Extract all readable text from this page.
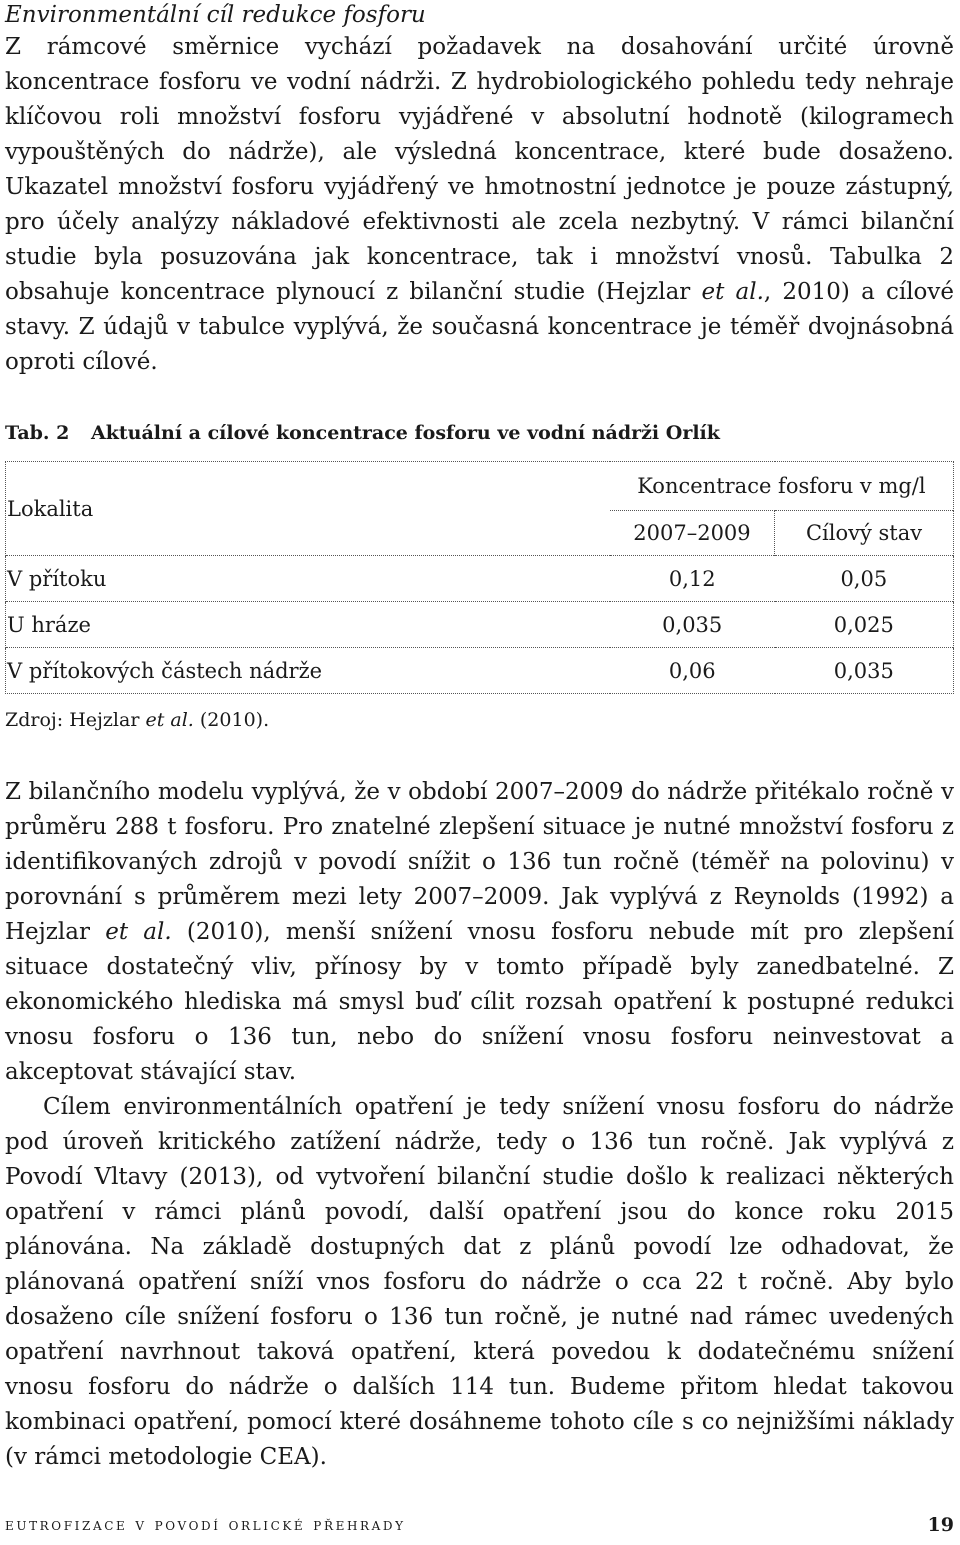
Environmentální cíl redukce fosforu

Z rámcové směrnice vychází požadavek na dosahování určité úrovně koncentrace fosforu ve vodní nádrži. Z hydrobiologického pohledu tedy nehraje klíčovou roli množství fosforu vyjádřené v absolutní hodnotě (kilogramech vypouštěných do nádrže), ale výsledná koncentrace, které bude dosaženo. Ukazatel množství fosforu vyjádřený ve hmotnostní jednotce je pouze zástupný, pro účely analýzy nákladové efektivnosti ale zcela nezbytný. V rámci bilanční studie byla posuzována jak koncentrace, tak i množství vnosů. Tabulka 2 obsahuje koncentrace plynoucí z bilanční studie (Hejzlar et al., 2010) a cílové stavy. Z údajů v tabulce vyplývá, že současná koncentrace je téměř dvojnásobná oproti cílové.

Tab. 2 Aktuální a cílové koncentrace fosforu ve vodní nádrži Orlík
Lokalita	Koncentrace fosforu v mg/l	
	2007–2009	Cílový stav
V přítoku	0,12	0,05
U hráze	0,035	0,025
V přítokových částech nádrže	0,06	0,035
Zdroj: Hejzlar et al. (2010).

Z bilančního modelu vyplývá, že v období 2007–2009 do nádrže přitékalo ročně v průměru 288 t fosforu. Pro znatelné zlepšení situace je nutné množství fosforu z identifikovaných zdrojů v povodí snížit o 136 tun ročně (téměř na polovinu) v porovnání s průměrem mezi lety 2007–2009. Jak vyplývá z Reynolds (1992) a Hejzlar et al. (2010), menší snížení vnosu fosforu nebude mít pro zlepšení situace dostatečný vliv, přínosy by v tomto případě byly zanedbatelné. Z ekonomického hlediska má smysl buď cílit rozsah opatření k postupné redukci vnosu fosforu o 136 tun, nebo do snížení vnosu fosforu neinvestovat a akceptovat stávající stav.

Cílem environmentálních opatření je tedy snížení vnosu fosforu do nádrže pod úroveň kritického zatížení nádrže, tedy o 136 tun ročně. Jak vyplývá z Povodí Vltavy (2013), od vytvoření bilanční studie došlo k realizaci některých opatření v rámci plánů povodí, další opatření jsou do konce roku 2015 plánována. Na základě dostupných dat z plánů povodí lze odhadovat, že plánovaná opatření sníží vnos fosforu do nádrže o cca 22 t ročně. Aby bylo dosaženo cíle snížení fosforu o 136 tun ročně, je nutné nad rámec uvedených opatření navrhnout taková opatření, která povedou k dodatečnému snížení vnosu fosforu do nádrže o dalších 114 tun. Budeme přitom hledat takovou kombinaci opatření, pomocí které dosáhneme tohoto cíle s co nejnižšími náklady (v rámci metodologie CEA).

eutrofizace v povodí orlické přehrady	19
